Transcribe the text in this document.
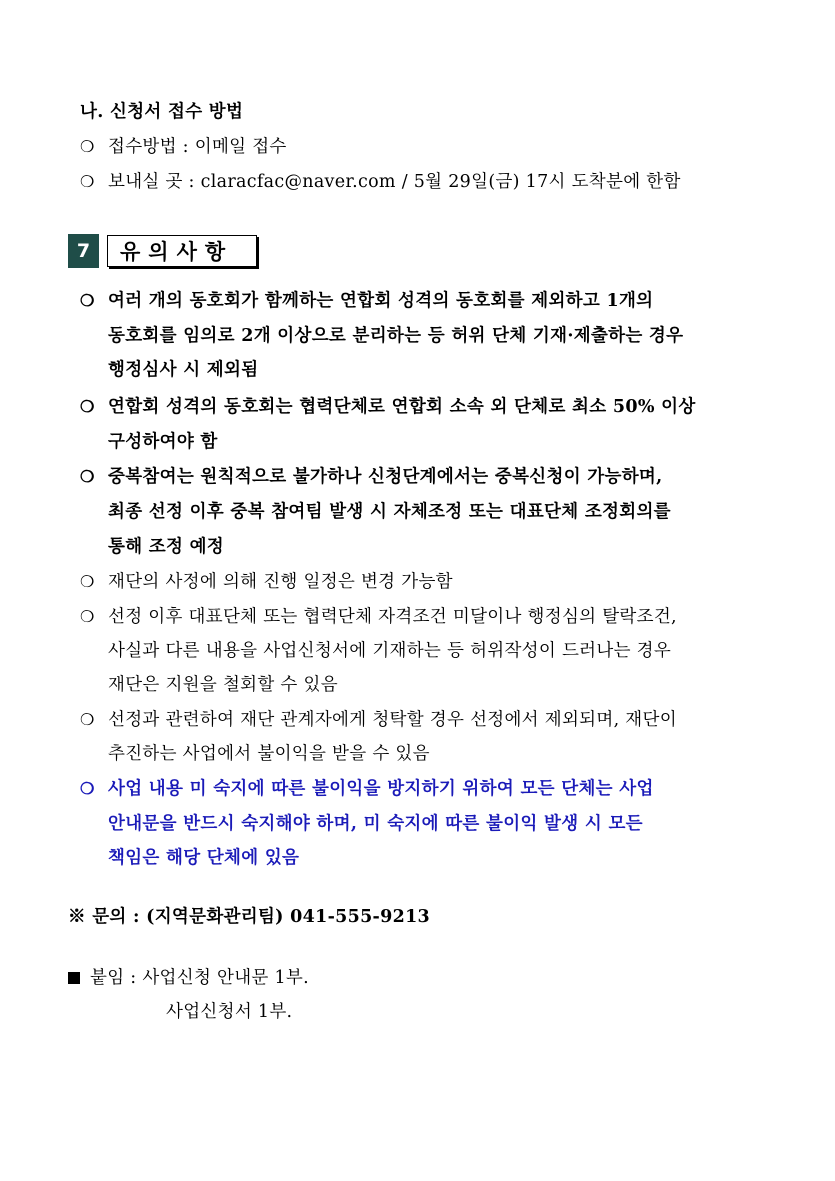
나. 신청서 접수 방법
❍ 접수방법 : 이메일 접수
❍ 보내실 곳 : claracfac@naver.com / 5월 29일(금) 17시 도착분에 한함
7	유의사항
❍ 여러 개의 동호회가 함께하는 연합회 성격의 동호회를 제외하고 1개의
동호회를 임의로 2개 이상으로 분리하는 등 허위 단체 기재·제출하는 경우
행정심사 시 제외됨
❍ 연합회 성격의 동호회는 협력단체로 연합회 소속 외 단체로 최소 50% 이상
구성하여야 함
❍ 중복참여는 원칙적으로 불가하나 신청단계에서는 중복신청이 가능하며,
최종 선정 이후 중복 참여팀 발생 시 자체조정 또는 대표단체 조정회의를
통해 조정 예정
❍ 재단의 사정에 의해 진행 일정은 변경 가능함
❍ 선정 이후 대표단체 또는 협력단체 자격조건 미달이나 행정심의 탈락조건,
사실과 다른 내용을 사업신청서에 기재하는 등 허위작성이 드러나는 경우
재단은 지원을 철회할 수 있음
❍ 선정과 관련하여 재단 관계자에게 청탁할 경우 선정에서 제외되며, 재단이
추진하는 사업에서 불이익을 받을 수 있음
❍ 사업 내용 미 숙지에 따른 불이익을 방지하기 위하여 모든 단체는 사업
안내문을 반드시 숙지해야 하며, 미 숙지에 따른 불이익 발생 시 모든
책임은 해당 단체에 있음
※ 문의 : (지역문화관리팀) 041-555-9213
붙임 : 사업신청 안내문 1부.
사업신청서 1부.
